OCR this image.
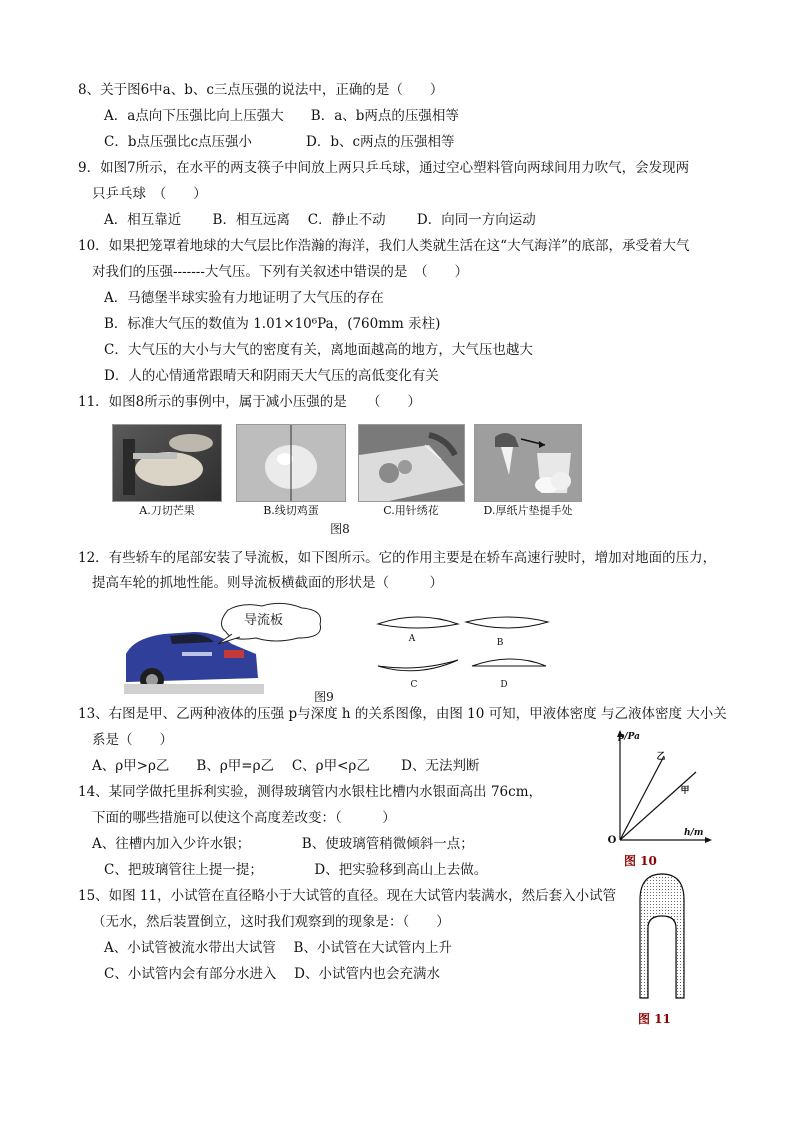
8、关于图6中a、b、c三点压强的说法中，正确的是（　　）
A．a点向下压强比向上压强大　　B．a、b两点的压强相等
C．b点压强比c点压强小　　　　D．b、c两点的压强相等
9．如图7所示，在水平的两支筷子中间放上两只乒乓球，通过空心塑料管向两球间用力吹气，会发现两
只乒乓球　（　　）
A．相互靠近　　 B．相互远离　 C．静止不动　　 D．向同一方向运动
10．如果把笼罩着地球的大气层比作浩瀚的海洋，我们人类就生活在这“大气海洋”的底部，承受着大气
对我们的压强-------大气压。下列有关叙述中错误的是　（　　）
A．马德堡半球实验有力地证明了大气压的存在
B．标准大气压的数值为 1.01×10⁶Pa，(760mm 汞柱)
C．大气压的大小与大气的密度有关，离地面越高的地方，大气压也越大
D．人的心情通常跟晴天和阴雨天大气压的高低变化有关
11．如图8所示的事例中，属于减小压强的是　　（　　）
A.刀切芒果	B.线切鸡蛋	C.用针绣花	D.厚纸片垫提手处
图8
12．有些轿车的尾部安装了导流板，如下图所示。它的作用主要是在轿车高速行驶时，增加对地面的压力，
提高车轮的抓地性能。则导流板横截面的形状是（　　　）
导流板
A	B
C	D
图9
13、右图是甲、乙两种液体的压强 p与深度 h 的关系图像，由图 10 可知，甲液体密度 与乙液体密度 大小关
系是（　　）
A、ρ甲>ρ乙　　B、ρ甲=ρ乙　 C、ρ甲<ρ乙　　 D、无法判断
p/Pa
h/m
O
乙
甲
图 10
14、某同学做托里拆利实验，测得玻璃管内水银柱比槽内水银面高出 76cm，
下面的哪些措施可以使这个高度差改变：（　　　）
A、往槽内加入少许水银；　　　　 B、使玻璃管稍微倾斜一点；
C、把玻璃管往上提一提；　　　　 D、把实验移到高山上去做。
15、如图 11，小试管在直径略小于大试管的直径。现在大试管内装满水，然后套入小试管
（无水，然后装置倒立，这时我们观察到的现象是：（　　）
A、小试管被流水带出大试管　 B、小试管在大试管内上升
C、小试管内会有部分水进入　 D、小试管内也会充满水
图 11
